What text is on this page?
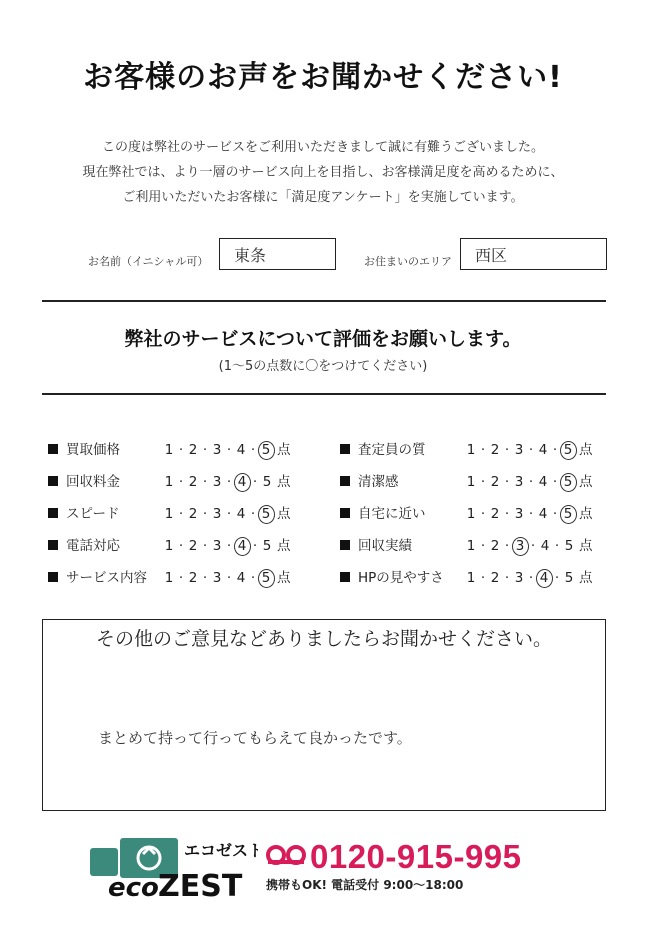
お客様のお声をお聞かせください!
この度は弊社のサービスをご利用いただきまして誠に有難うございました。
現在弊社では、より一層のサービス向上を目指し、お客様満足度を高めるために、
ご利用いただいたお客様に「満足度アンケート」を実施しています。
お名前（イニシャル可）	東条	お住まいのエリア	西区
弊社のサービスについて評価をお願いします。
(1〜5の点数に〇をつけてください)
買取価格	1 · 2 · 3 · 4 · 5 点
回収料金	1 · 2 · 3 · 4 · 5 点
スピード	1 · 2 · 3 · 4 · 5 点
電話対応	1 · 2 · 3 · 4 · 5 点
サービス内容 1 · 2 · 3 · 4 · 5 点
査定員の質	1 · 2 · 3 · 4 · 5 点
清潔感	1 · 2 · 3 · 4 · 5 点
自宅に近い	1 · 2 · 3 · 4 · 5 点
回収実績	1 · 2 · 3 · 4 · 5 点
HPの見やすさ 1 · 2 · 3 · 4 · 5 点
その他のご意見などありましたらお聞かせください。
まとめて持って行ってもらえて良かったです。
eco ZEST
エコゼスト	0120-915-995
携帯もOK! 電話受付 9:00〜18:00
